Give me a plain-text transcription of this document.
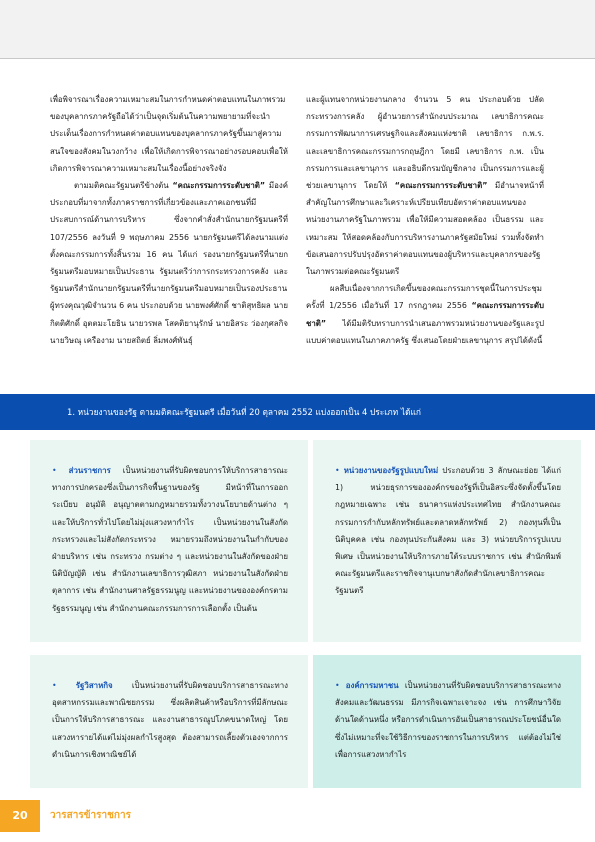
เพื่อพิจารณาเรื่องความเหมาะสมในการกำหนดค่าตอบแทนในภาพรวมของบุคลากรภาครัฐถือได้ว่าเป็นจุดเริ่มต้นในความพยายามที่จะนำประเด็นเรื่องการกำหนดค่าตอบแทนของบุคลากรภาครัฐขึ้นมาสู่ความสนใจของสังคมในวงกว้าง เพื่อให้เกิดการพิจารณาอย่างรอบคอบเพื่อให้เกิดการพิจารณาความเหมาะสมในเรื่องนี้อย่างจริงจัง

ตามมติคณะรัฐมนตรีข้างต้น “คณะกรรมการระดับชาติ” มีองค์ประกอบที่มาจากทั้งภาคราชการที่เกี่ยวข้องและภาคเอกชนที่มีประสบการณ์ด้านการบริหาร ซึ่งจากคำสั่งสำนักนายกรัฐมนตรีที่ 107/2556 ลงวันที่ 9 พฤษภาคม 2556 นายกรัฐมนตรีได้ลงนามแต่งตั้งคณะกรรมการทั้งสิ้นรวม 16 คน ได้แก่ รองนายกรัฐมนตรีที่นายกรัฐมนตรีมอบหมายเป็นประธาน รัฐมนตรีว่าการกระทรวงการคลัง และรัฐมนตรีสำนักนายกรัฐมนตรีที่นายกรัฐมนตรีมอบหมายเป็นรองประธาน ผู้ทรงคุณวุฒิจำนวน 6 คน ประกอบด้วย นายพงศ์ศักดิ์ ชาติสุทธิผล นายกิตติศักดิ์ อุตตมะโยธิน นายวรพล โสคติยานุรักษ์ นายอิสระ ว่องกุศลกิจ นายวิษณุ เครืองาม นายสถิตย์ ลิ่มพงศ์พันธุ์

และผู้แทนจากหน่วยงานกลาง จำนวน 5 คน ประกอบด้วย ปลัดกระทรวงการคลัง ผู้อำนวยการสำนักงบประมาณ เลขาธิการคณะกรรมการพัฒนาการเศรษฐกิจและสังคมแห่งชาติ เลขาธิการ ก.พ.ร. และเลขาธิการคณะกรรมการกฤษฎีกา โดยมี เลขาธิการ ก.พ. เป็นกรรมการและเลขานุการ และอธิบดีกรมบัญชีกลาง เป็นกรรมการและผู้ช่วยเลขานุการ โดยให้ “คณะกรรมการระดับชาติ” มีอำนาจหน้าที่สำคัญในการศึกษาและวิเคราะห์เปรียบเทียบอัตราค่าตอบแทนของหน่วยงานภาครัฐในภาพรวม เพื่อให้มีความสอดคล้อง เป็นธรรม และเหมาะสม ให้สอดคล้องกับการบริหารงานภาครัฐสมัยใหม่ รวมทั้งจัดทำข้อเสนอการปรับปรุงอัตราค่าตอบแทนของผู้บริหารและบุคลากรของรัฐในภาพรวมต่อคณะรัฐมนตรี

ผลสืบเนื่องจากการเกิดขึ้นของคณะกรรมการชุดนี้ในการประชุมครั้งที่ 1/2556 เมื่อวันที่ 17 กรกฎาคม 2556 “คณะกรรมการระดับชาติ” ได้มีมติรับทราบการนำเสนอภาพรวมหน่วยงานของรัฐและรูปแบบค่าตอบแทนในภาคภาครัฐ ซึ่งเสนอโดยฝ่ายเลขานุการ สรุปได้ดังนี้

1. หน่วยงานของรัฐ ตามมติคณะรัฐมนตรี เมื่อวันที่ 20 ตุลาคม 2552 แบ่งออกเป็น 4 ประเภท ได้แก่
• ส่วนราชการ เป็นหน่วยงานที่รับผิดชอบการให้บริการสาธารณะทางการปกครองซึ่งเป็นภารกิจพื้นฐานของรัฐ มีหน้าที่ในการออกระเบียบ อนุมัติ อนุญาตตามกฎหมายรวมทั้งวางนโยบายด้านต่าง ๆ และให้บริการทั่วไปโดยไม่มุ่งแสวงหากำไร เป็นหน่วยงานในสังกัดกระทรวงและไม่สังกัดกระทรวง หมายรวมถึงหน่วยงานในกำกับของฝ่ายบริหาร เช่น กระทรวง กรมต่าง ๆ และหน่วยงานในสังกัดของฝ่ายนิติบัญญัติ เช่น สำนักงานเลขาธิการวุฒิสภา หน่วยงานในสังกัดฝ่ายตุลาการ เช่น สำนักงานศาลรัฐธรรมนูญ และหน่วยงานขององค์กรตามรัฐธรรมนูญ เช่น สำนักงานคณะกรรมการการเลือกตั้ง เป็นต้น
• หน่วยงานของรัฐรูปแบบใหม่ ประกอบด้วย 3 ลักษณะย่อย ได้แก่ 1) หน่วยธุรการขององค์กรของรัฐที่เป็นอิสระซึ่งจัดตั้งขึ้นโดยกฎหมายเฉพาะ เช่น ธนาคารแห่งประเทศไทย สำนักงานคณะกรรมการกำกับหลักทรัพย์และตลาดหลักทรัพย์ 2) กองทุนที่เป็นนิติบุคคล เช่น กองทุนประกันสังคม และ 3) หน่วยบริการรูปแบบพิเศษ เป็นหน่วยงานให้บริการภายใต้ระบบราชการ เช่น สำนักพิมพ์คณะรัฐมนตรีและราชกิจจานุเบกษาสังกัดสำนักเลขาธิการคณะรัฐมนตรี
• รัฐวิสาหกิจ เป็นหน่วยงานที่รับผิดชอบบริการสาธารณะทางอุตสาหกรรมและพาณิชยกรรม ซึ่งผลิตสินค้าหรือบริการที่มีลักษณะเป็นการให้บริการสาธารณะ และงานสาธารณูปโภคขนาดใหญ่ โดยแสวงหารายได้แต่ไม่มุ่งผลกำไรสูงสุด ต้องสามารถเลี้ยงตัวเองจากการดำเนินการเชิงพาณิชย์ได้
• องค์การมหาชน เป็นหน่วยงานที่รับผิดชอบบริการสาธารณะทางสังคมและวัฒนธรรม มีภารกิจเฉพาะเจาะจง เช่น การศึกษาวิจัยด้านใดด้านหนึ่ง หรือการดำเนินการอันเป็นสาธารณประโยชน์อื่นใด ซึ่งไม่เหมาะที่จะใช้วิธีการของราชการในการบริหาร แต่ต้องไม่ใช่เพื่อการแสวงหากำไร
20	วารสารข้าราชการ
